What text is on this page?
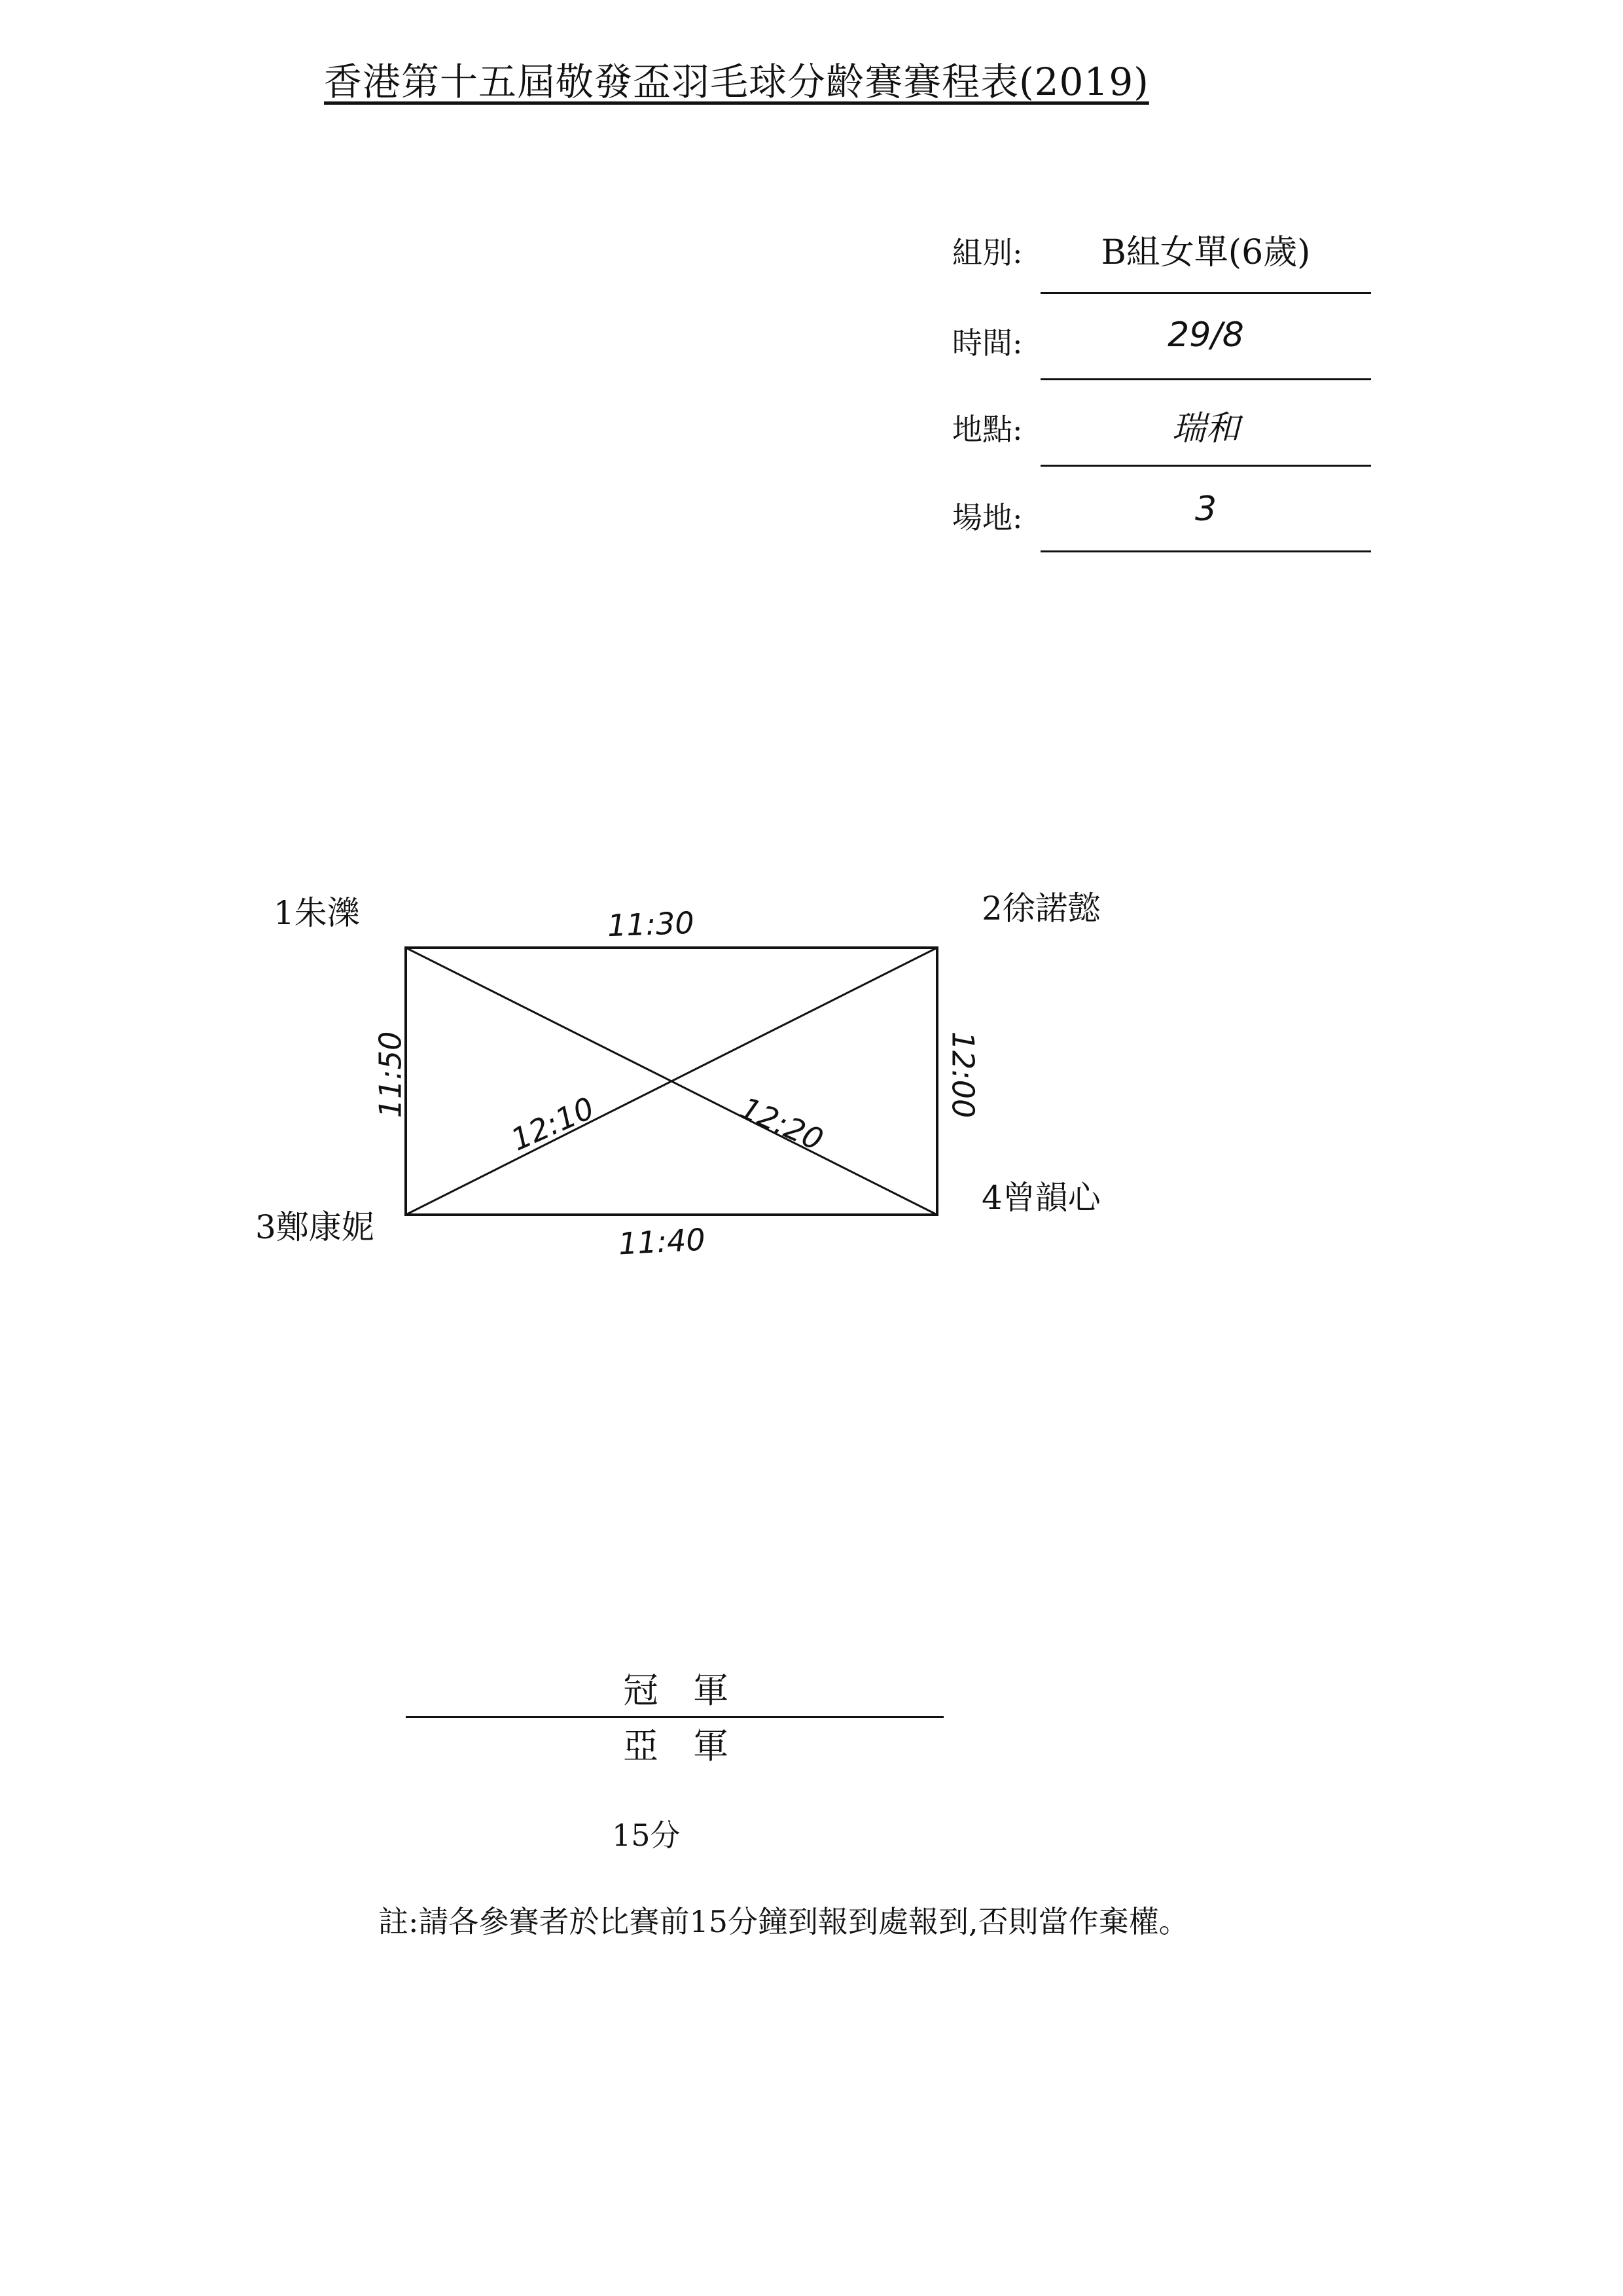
香港第十五屆敬發盃羽毛球分齡賽賽程表(2019)
組別:	B組女單(6歲)
時間:	29/8
地點:	瑞和
場地:	3
1朱濼	2徐諾懿
3鄭康妮
4曾韻心
11:30
11:40
11:50	12:00
12:10	12:20
冠 軍
亞 軍
15分
註:請各參賽者於比賽前15分鐘到報到處報到,否則當作棄權。
